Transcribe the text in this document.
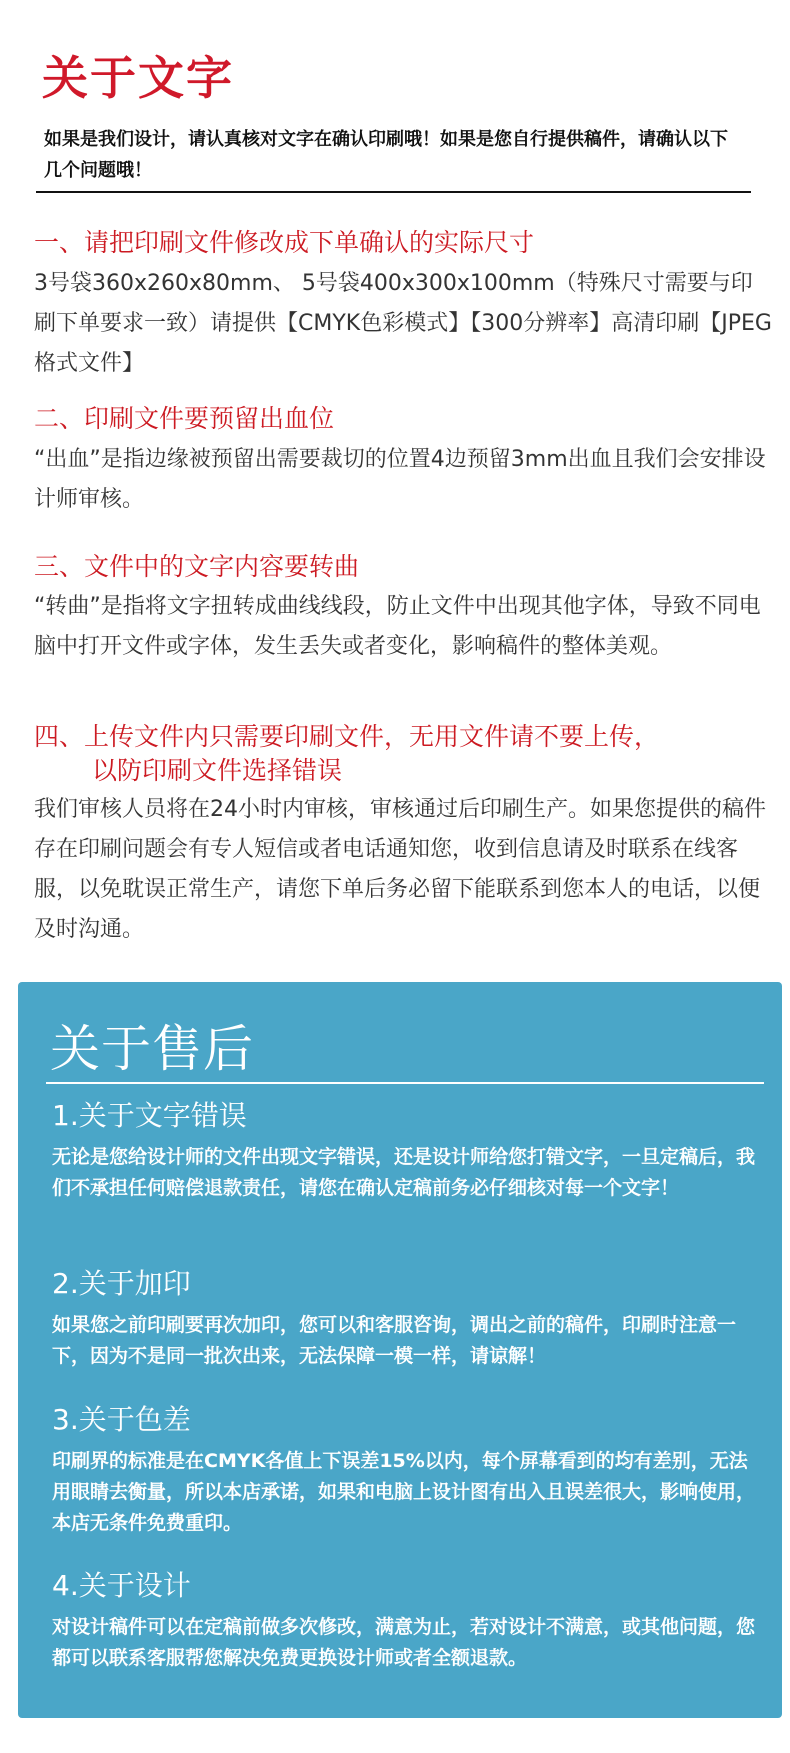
关于文字
如果是我们设计，请认真核对文字在确认印刷哦！如果是您自行提供稿件，请确认以下几个问题哦！
一、请把印刷文件修改成下单确认的实际尺寸
3号袋360x260x80mm、 5号袋400x300x100mm（特殊尺寸需要与印刷下单要求一致）请提供【CMYK色彩模式】【300分辨率】高清印刷【JPEG格式文件】
二、印刷文件要预留出血位
“出血”是指边缘被预留出需要裁切的位置4边预留3mm出血且我们会安排设计师审核。
三、文件中的文字内容要转曲
“转曲”是指将文字扭转成曲线线段，防止文件中出现其他字体，导致不同电脑中打开文件或字体，发生丢失或者变化，影响稿件的整体美观。
四、上传文件内只需要印刷文件，无用文件请不要上传，
以防印刷文件选择错误
我们审核人员将在24小时内审核，审核通过后印刷生产。如果您提供的稿件存在印刷问题会有专人短信或者电话通知您，收到信息请及时联系在线客服，以免耽误正常生产，请您下单后务必留下能联系到您本人的电话，以便及时沟通。
关于售后
1.关于文字错误
无论是您给设计师的文件出现文字错误，还是设计师给您打错文字，一旦定稿后，我们不承担任何赔偿退款责任，请您在确认定稿前务必仔细核对每一个文字！
2.关于加印
如果您之前印刷要再次加印，您可以和客服咨询，调出之前的稿件，印刷时注意一下，因为不是同一批次出来，无法保障一模一样，请谅解！
3.关于色差
印刷界的标准是在CMYK各值上下误差15%以内，每个屏幕看到的均有差别，无法用眼睛去衡量，所以本店承诺，如果和电脑上设计图有出入且误差很大，影响使用，本店无条件免费重印。
4.关于设计
对设计稿件可以在定稿前做多次修改，满意为止，若对设计不满意，或其他问题，您都可以联系客服帮您解决免费更换设计师或者全额退款。
